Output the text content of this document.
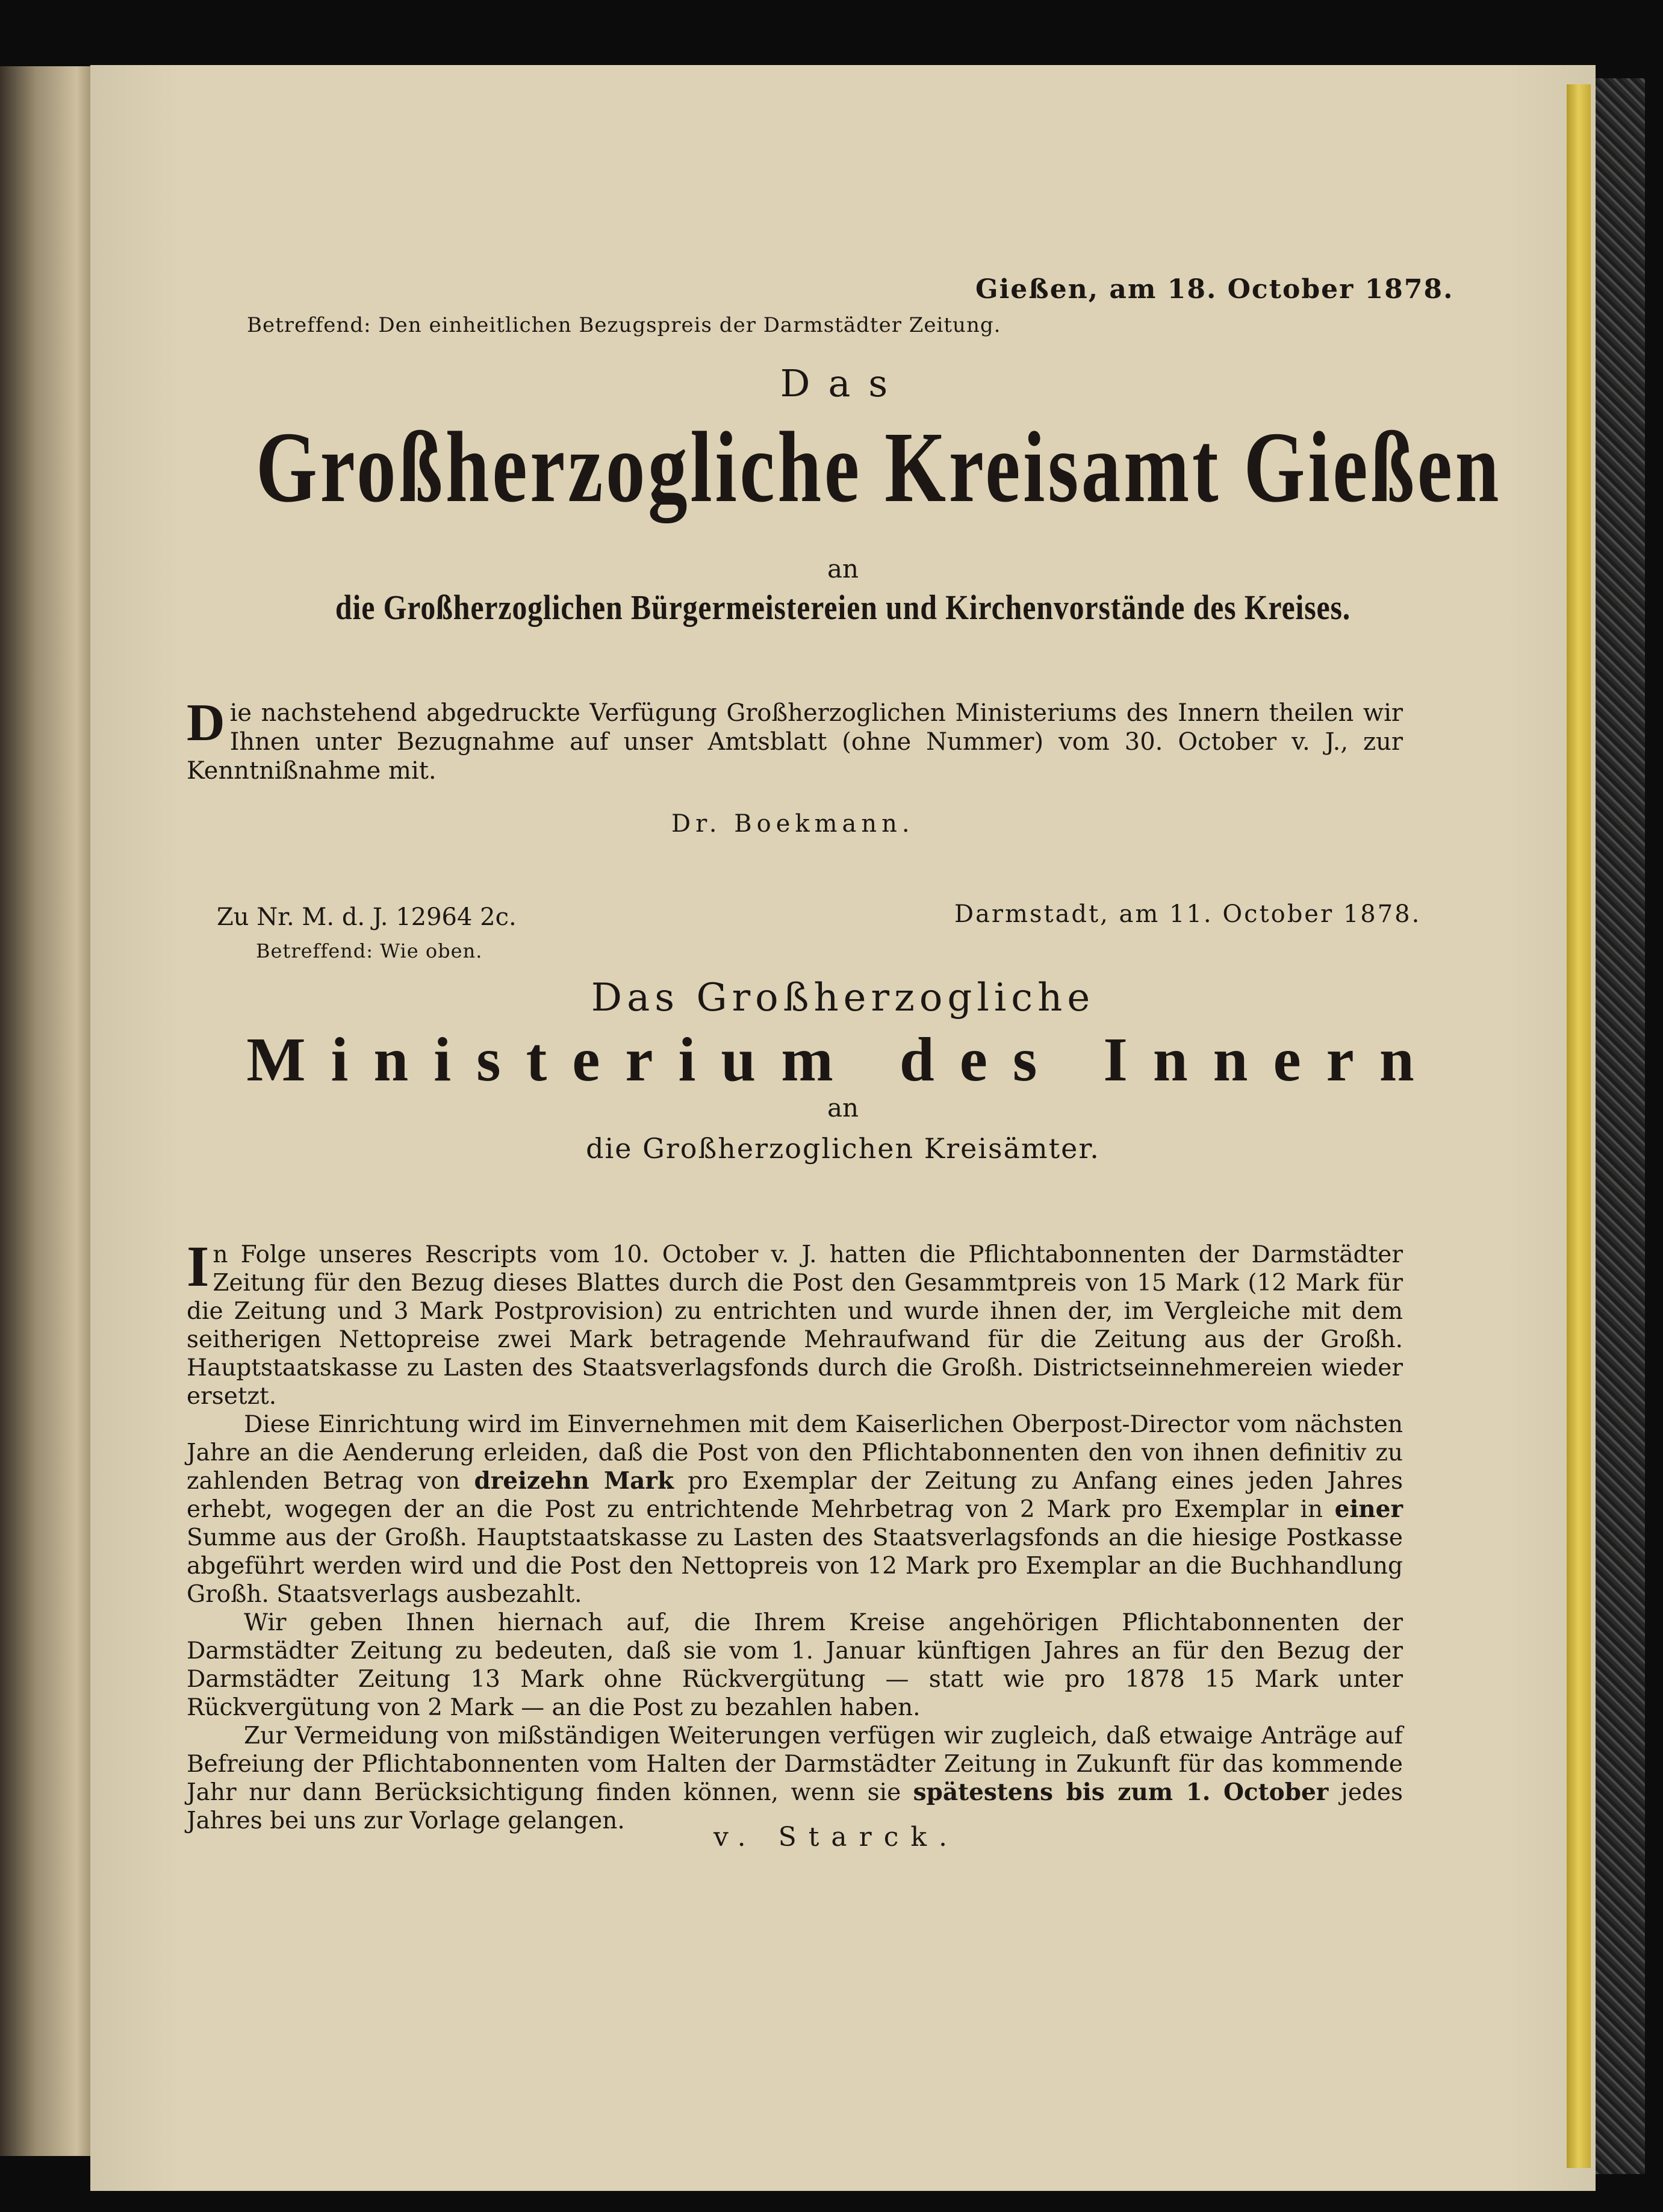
Gießen, am 18. October 1878.
Betreffend: Den einheitlichen Bezugspreis der Darmstädter Zeitung.
Das
Großherzogliche Kreisamt Gießen
an
die Großherzoglichen Bürgermeistereien und Kirchenvorstände des Kreises.
Die nachstehend abgedruckte Verfügung Großherzoglichen Ministeriums des Innern theilen wir Ihnen unter Bezugnahme auf unser Amtsblatt (ohne Nummer) vom 30. October v. J., zur Kenntnißnahme mit.
Dr. Boekmann.
Zu Nr. M. d. J. 12964 2c.	Darmstadt, am 11. October 1878.
Betreffend: Wie oben.
Das Großherzogliche
Ministerium des Innern
an
die Großherzoglichen Kreisämter.

In Folge unseres Rescripts vom 10. October v. J. hatten die Pflichtabonnenten der Darmstädter Zeitung für den Bezug dieses Blattes durch die Post den Gesammtpreis von 15 Mark (12 Mark für die Zeitung und 3 Mark Postprovision) zu entrichten und wurde ihnen der, im Vergleiche mit dem seitherigen Nettopreise zwei Mark betragende Mehraufwand für die Zeitung aus der Großh. Hauptstaatskasse zu Lasten des Staatsverlagsfonds durch die Großh. Districtseinnehmereien wieder ersetzt.

Diese Einrichtung wird im Einvernehmen mit dem Kaiserlichen Oberpost-Director vom nächsten Jahre an die Aenderung erleiden, daß die Post von den Pflichtabonnenten den von ihnen definitiv zu zahlenden Betrag von dreizehn Mark pro Exemplar der Zeitung zu Anfang eines jeden Jahres erhebt, wogegen der an die Post zu entrichtende Mehrbetrag von 2 Mark pro Exemplar in einer Summe aus der Großh. Hauptstaatskasse zu Lasten des Staatsverlagsfonds an die hiesige Postkasse abgeführt werden wird und die Post den Nettopreis von 12 Mark pro Exemplar an die Buchhandlung Großh. Staatsverlags ausbezahlt.

Wir geben Ihnen hiernach auf, die Ihrem Kreise angehörigen Pflichtabonnenten der Darmstädter Zeitung zu bedeuten, daß sie vom 1. Januar künftigen Jahres an für den Bezug der Darmstädter Zeitung 13 Mark ohne Rückvergütung — statt wie pro 1878 15 Mark unter Rückvergütung von 2 Mark — an die Post zu bezahlen haben.

Zur Vermeidung von mißständigen Weiterungen verfügen wir zugleich, daß etwaige Anträge auf Befreiung der Pflichtabonnenten vom Halten der Darmstädter Zeitung in Zukunft für das kommende Jahr nur dann Berücksichtigung finden können, wenn sie spätestens bis zum 1. October jedes Jahres bei uns zur Vorlage gelangen.

v. Starck.
